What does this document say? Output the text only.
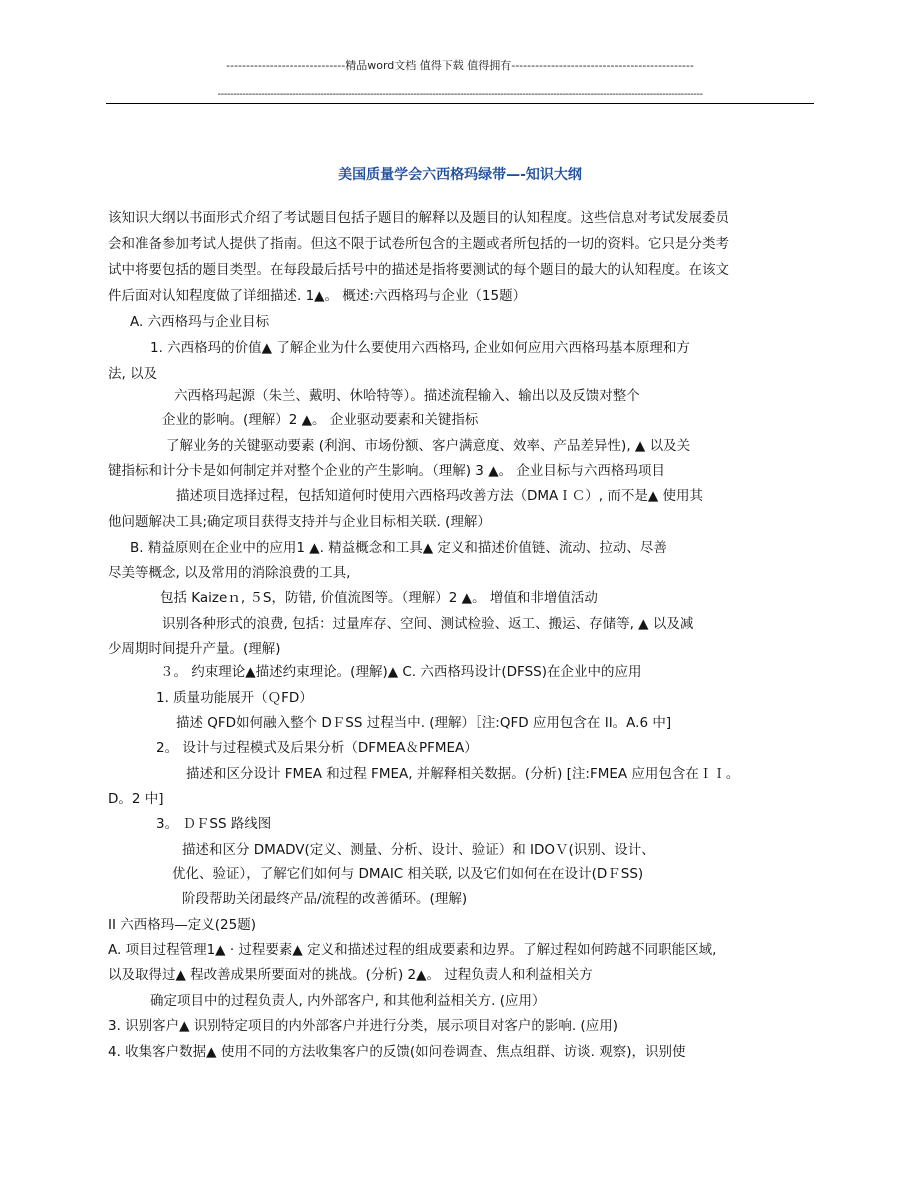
------------------------------精品word文档 值得下载 值得拥有----------------------------------------------
------------------------------------------------------------------------------------------------------------------------------------------------------------
美国质量学会六西格玛绿带—-知识大纲
该知识大纲以书面形式介绍了考试题目包括子题目的解释以及题目的认知程度。这些信息对考试发展委员
会和准备参加考试人提供了指南。但这不限于试卷所包含的主题或者所包括的一切的资料。它只是分类考
试中将要包括的题目类型。在每段最后括号中的描述是指将要测试的每个题目的最大的认知程度。在该文
件后面对认知程度做了详细描述. 1▲。 概述:六西格玛与企业（15题）
A. 六西格玛与企业目标
1. 六西格玛的价值▲ 了解企业为什么要使用六西格玛, 企业如何应用六西格玛基本原理和方
法, 以及
六西格玛起源（朱兰、戴明、休哈特等）。描述流程输入、输出以及反馈对整个
企业的影响。(理解）2 ▲。 企业驱动要素和关键指标
了解业务的关键驱动要素 (利润、市场份额、客户满意度、效率、产品差异性), ▲ 以及关
键指标和计分卡是如何制定并对整个企业的产生影响。（理解) 3 ▲。 企业目标与六西格玛项目
描述项目选择过程，包括知道何时使用六西格玛改善方法（DMAＩＣ）, 而不是▲ 使用其
他问题解决工具;确定项目获得支持并与企业目标相关联. (理解）
B. 精益原则在企业中的应用1 ▲. 精益概念和工具▲ 定义和描述价值链、流动、拉动、尽善
尽美等概念, 以及常用的消除浪费的工具,
包括 Kaizeｎ, ５S，防错, 价值流图等。（理解）2 ▲。 增值和非增值活动
识别各种形式的浪费, 包括：过量库存、空间、测试检验、返工、搬运、存储等, ▲ 以及减
少周期时间提升产量。(理解)
３。 约束理论▲描述约束理论。(理解)▲ C. 六西格玛设计(DFSS)在企业中的应用
1. 质量功能展开（ＱFD）
描述 QFD如何融入整个 DＦSS 过程当中. (理解）［注:QFD 应用包含在 II。A.6 中]
2。 设计与过程模式及后果分析（DFMEA＆PFMEA）
描述和区分设计 FMEA 和过程 FMEA, 并解释相关数据。(分析) [注:FMEA 应用包含在ＩＩ。
D。2 中]
3。 ＤＦSS 路线图
描述和区分 DMADV(定义、测量、分析、设计、验证）和 IDOＶ(识别、设计、
优化、验证），了解它们如何与 DMAIC 相关联, 以及它们如何在在设计(DＦSS)
阶段帮助关闭最终产品/流程的改善循环。(理解)
II 六西格玛—定义(25题)
A. 项目过程管理1▲ · 过程要素▲ 定义和描述过程的组成要素和边界。了解过程如何跨越不同职能区域,
以及取得过▲ 程改善成果所要面对的挑战。(分析) 2▲。 过程负责人和利益相关方
确定项目中的过程负责人, 内外部客户, 和其他利益相关方. (应用）
3. 识别客户▲ 识别特定项目的内外部客户并进行分类，展示项目对客户的影响. (应用)
4. 收集客户数据▲ 使用不同的方法收集客户的反馈(如问卷调查、焦点组群、访谈. 观察)，识别使
